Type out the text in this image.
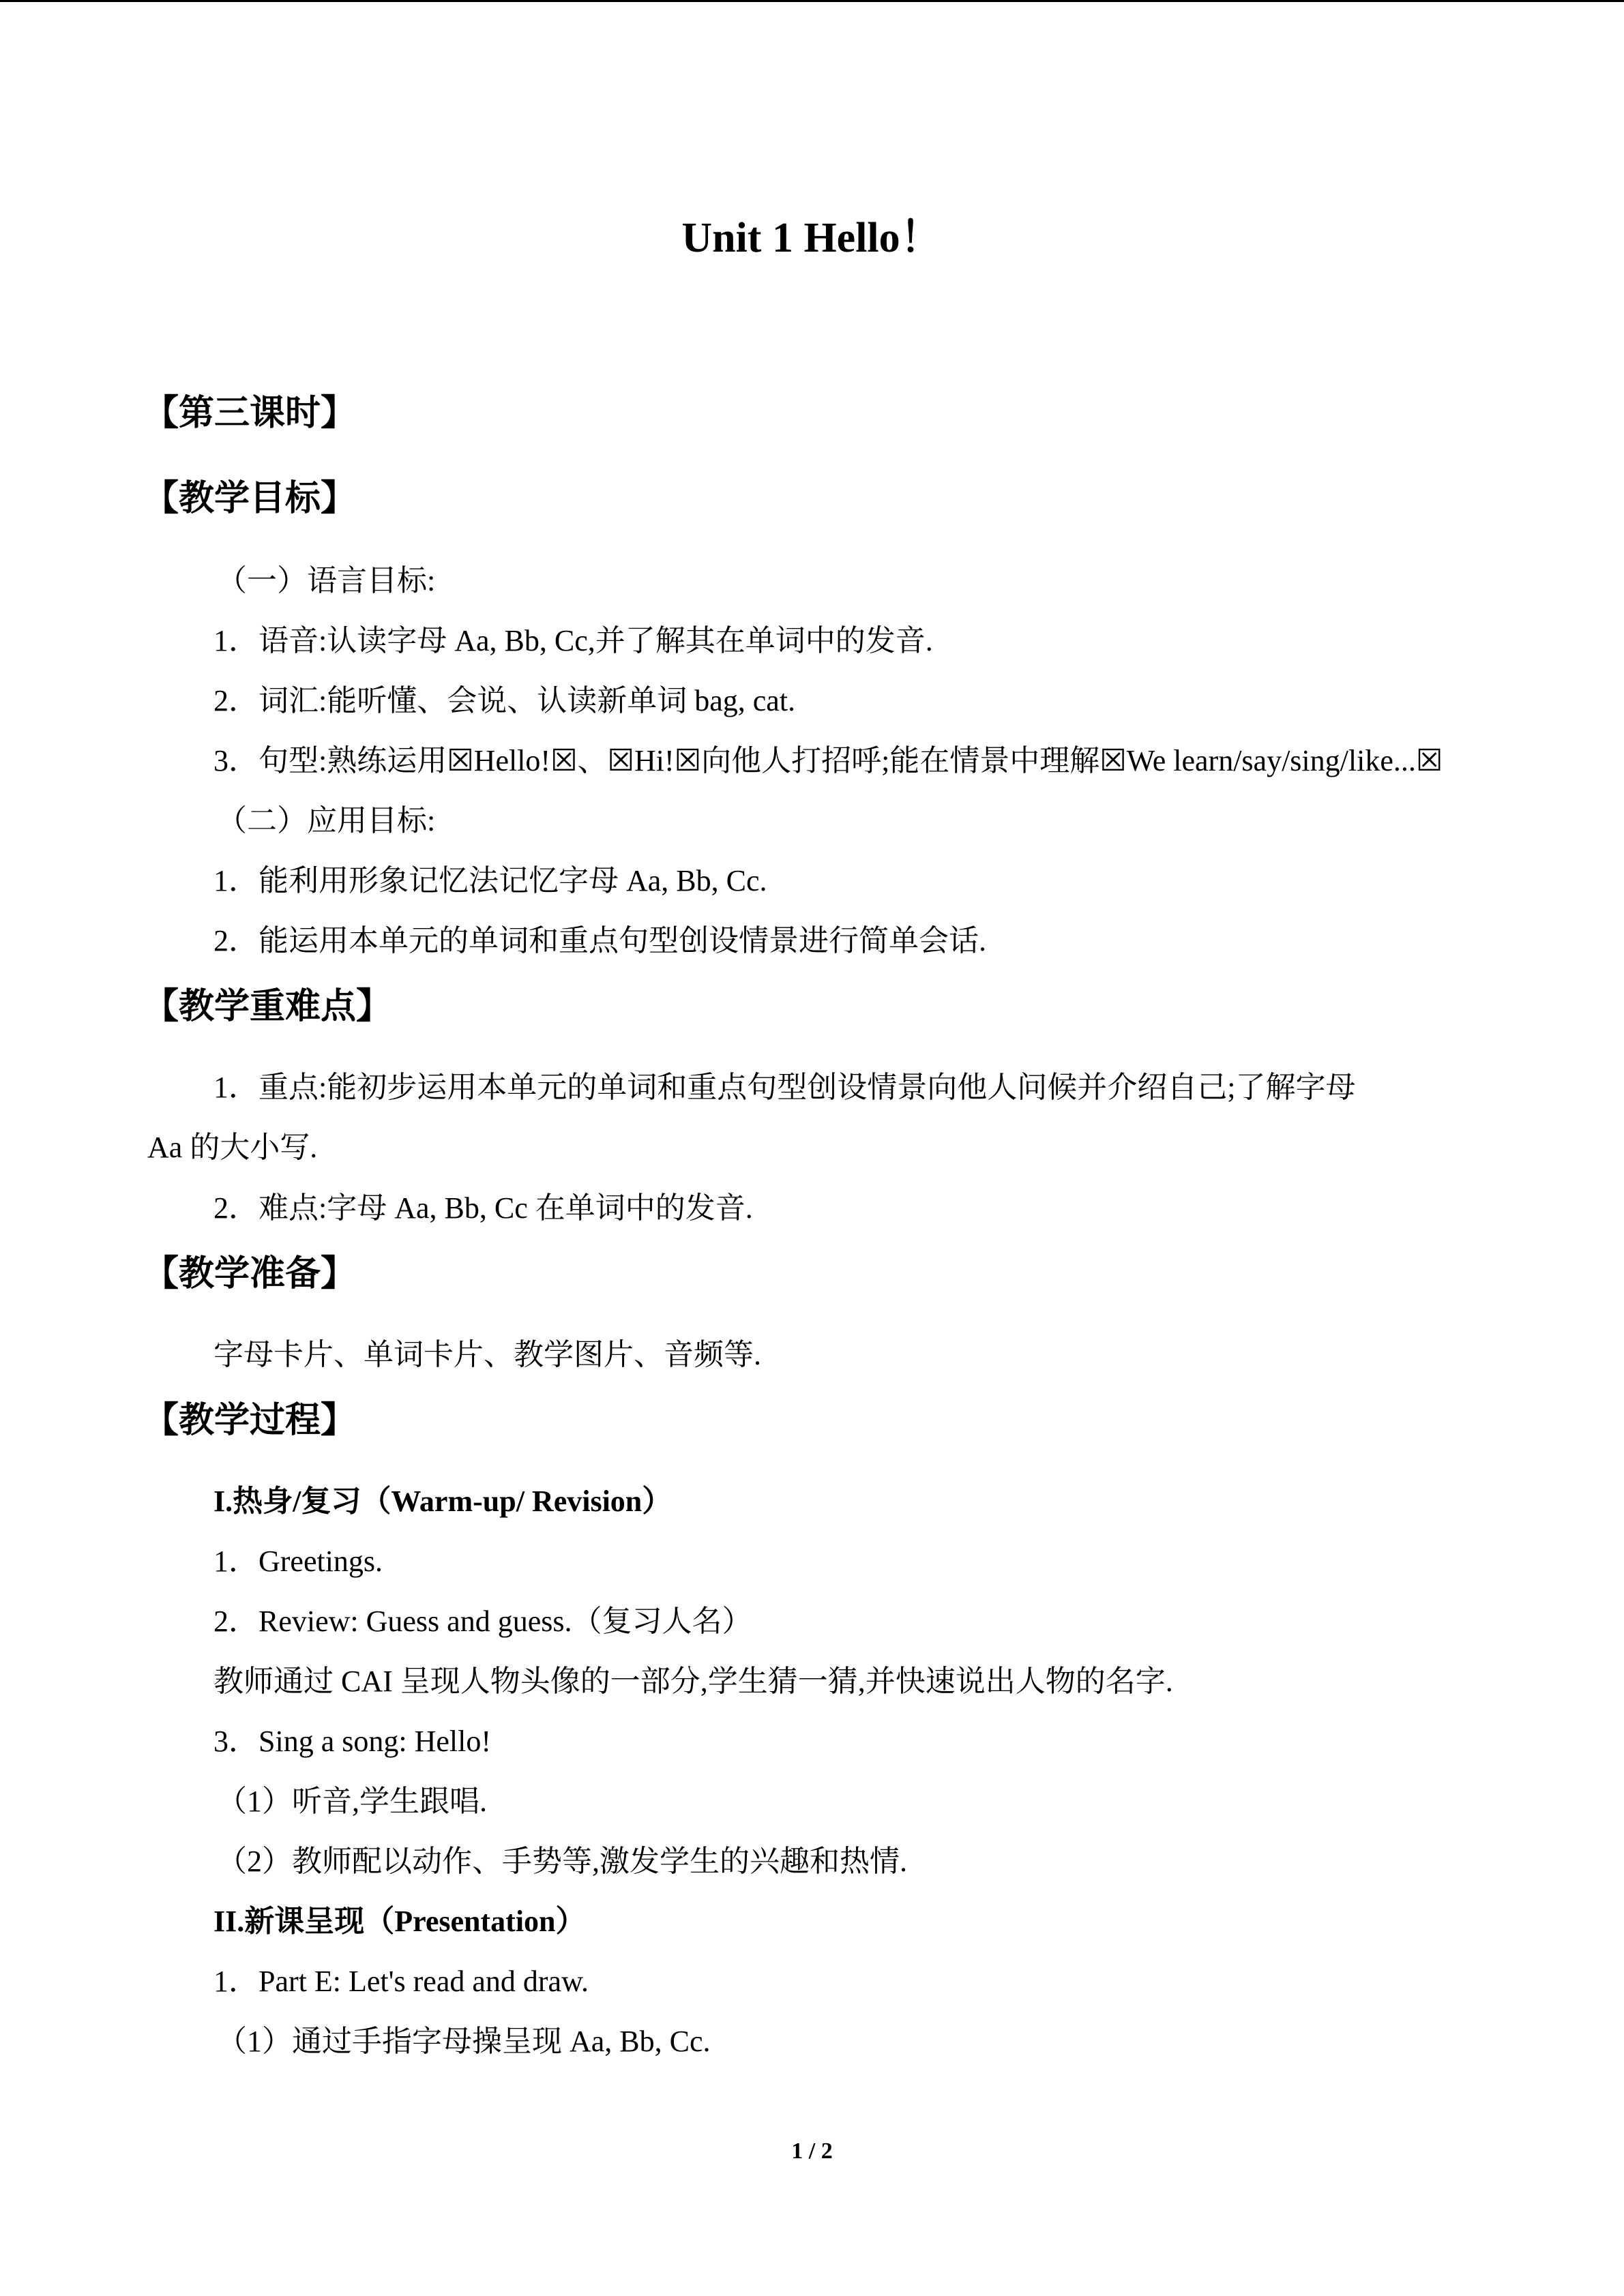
Unit 1 Hello！
【第三课时】
【教学目标】
（一）语言目标:
1．语音:认读字母 Aa, Bb, Cc,并了解其在单词中的发音.
2．词汇:能听懂、会说、认读新单词 bag, cat.
3．句型:熟练运用☒Hello!☒、☒Hi!☒向他人打招呼;能在情景中理解☒We learn/say/sing/like...☒
（二）应用目标:
1．能利用形象记忆法记忆字母 Aa, Bb, Cc.
2．能运用本单元的单词和重点句型创设情景进行简单会话.
【教学重难点】
1．重点:能初步运用本单元的单词和重点句型创设情景向他人问候并介绍自己;了解字母
Aa 的大小写.
2．难点:字母 Aa, Bb, Cc 在单词中的发音.
【教学准备】
字母卡片、单词卡片、教学图片、音频等.
【教学过程】
I.热身/复习（Warm-up/ Revision）
1．Greetings.
2．Review: Guess and guess.（复习人名）
教师通过 CAI 呈现人物头像的一部分,学生猜一猜,并快速说出人物的名字.
3．Sing a song: Hello!
（1）听音,学生跟唱.
（2）教师配以动作、手势等,激发学生的兴趣和热情.
II.新课呈现（Presentation）
1．Part E: Let's read and draw.
（1）通过手指字母操呈现 Aa, Bb, Cc.
1 / 2
